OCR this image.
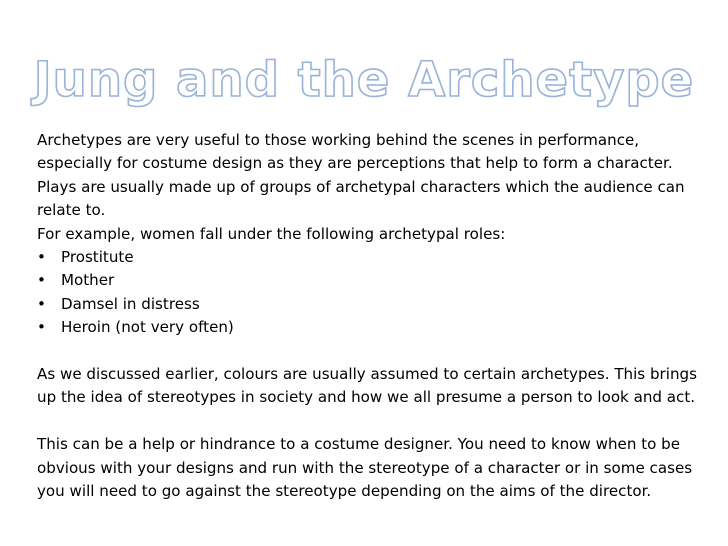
Jung and the Archetype
Archetypes are very useful to those working behind the scenes in performance,
especially for costume design as they are perceptions that help to form a character.
Plays are usually made up of groups of archetypal characters which the audience can
relate to.
For example, women fall under the following archetypal roles:
• Prostitute
• Mother
• Damsel in distress
• Heroin (not very often)
As we discussed earlier, colours are usually assumed to certain archetypes. This brings
up the idea of stereotypes in society and how we all presume a person to look and act.
This can be a help or hindrance to a costume designer. You need to know when to be
obvious with your designs and run with the stereotype of a character or in some cases
you will need to go against the stereotype depending on the aims of the director.
